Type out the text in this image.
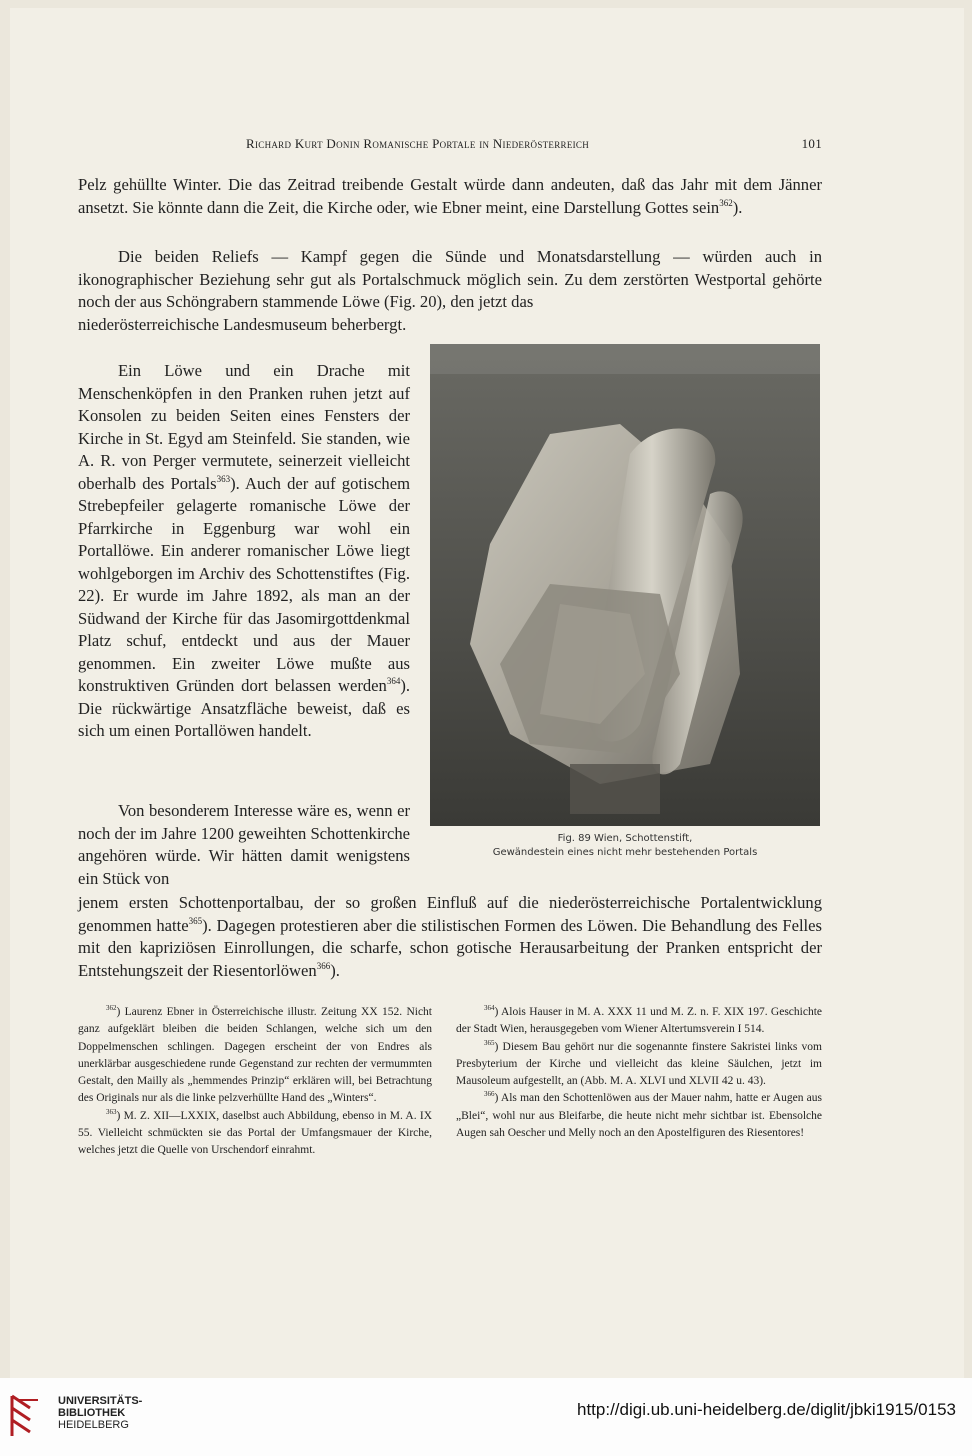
Richard Kurt Donin Romanische Portale in Niederösterreich	101

Pelz gehüllte Winter. Die das Zeitrad treibende Gestalt würde dann andeuten, daß das Jahr mit dem Jänner ansetzt. Sie könnte dann die Zeit, die Kirche oder, wie Ebner meint, eine Darstellung Gottes sein$^{362}$).

Die beiden Reliefs — Kampf gegen die Sünde und Monatsdarstellung — würden auch in ikonographischer Beziehung sehr gut als Portalschmuck möglich sein. Zu dem zerstörten Westportal gehörte noch der aus Schöngrabern stammende Löwe (Fig. 20), den jetzt das

niederösterreichische Landesmuseum beherbergt.

Ein Löwe und ein Drache mit Menschenköpfen in den Pranken ruhen jetzt auf Konsolen zu beiden Seiten eines Fensters der Kirche in St. Egyd am Steinfeld. Sie standen, wie A. R. von Perger vermutete, seinerzeit vielleicht oberhalb des Portals$^{363}$). Auch der auf gotischem Strebepfeiler gelagerte romanische Löwe der Pfarrkirche in Eggenburg war wohl ein Portallöwe. Ein anderer romanischer Löwe liegt wohlgeborgen im Archiv des Schottenstiftes (Fig. 22). Er wurde im Jahre 1892, als man an der Südwand der Kirche für das Jasomirgottdenkmal Platz schuf, entdeckt und aus der Mauer genommen. Ein zweiter Löwe mußte aus konstruktiven Gründen dort belassen werden$^{364}$). Die rückwärtige Ansatzfläche beweist, daß es sich um einen Portallöwen handelt.

Von besonderem Interesse wäre es, wenn er noch der im Jahre 1200 geweihten Schottenkirche angehören würde. Wir hätten damit wenigstens ein Stück von

jenem ersten Schottenportalbau, der so großen Einfluß auf die niederösterreichische Portalentwicklung genommen hatte$^{365}$). Dagegen protestieren aber die stilistischen Formen des Löwen. Die Behandlung des Felles mit den kapriziösen Einrollungen, die scharfe, schon gotische Herausarbeitung der Pranken entspricht der Entstehungszeit der Riesentorlöwen$^{366}$).

Fig. 89 Wien, Schottenstift,
Gewändestein eines nicht mehr bestehenden Portals

$^{362}$) Laurenz Ebner in Österreichische illustr. Zeitung XX 152. Nicht ganz aufgeklärt bleiben die beiden Schlangen, welche sich um den Doppelmenschen schlingen. Dagegen erscheint der von Endres als unerklärbar ausgeschiedene runde Gegenstand zur rechten der vermummten Gestalt, den Mailly als „hemmendes Prinzip“ erklären will, bei Betrachtung des Originals nur als die linke pelzverhüllte Hand des „Winters“.

$^{363}$) M. Z. XII—LXXIX, daselbst auch Abbildung, ebenso in M. A. IX 55. Vielleicht schmückten sie das Portal der Umfangsmauer der Kirche, welches jetzt die Quelle von Urschendorf einrahmt.

$^{364}$) Alois Hauser in M. A. XXX 11 und M. Z. n. F. XIX 197. Geschichte der Stadt Wien, herausgegeben vom Wiener Altertumsverein I 514.

$^{365}$) Diesem Bau gehört nur die sogenannte finstere Sakristei links vom Presbyterium der Kirche und vielleicht das kleine Säulchen, jetzt im Mausoleum aufgestellt, an (Abb. M. A. XLVI und XLVII 42 u. 43).

$^{366}$) Als man den Schottenlöwen aus der Mauer nahm, hatte er Augen aus „Blei“, wohl nur aus Bleifarbe, die heute nicht mehr sichtbar ist. Ebensolche Augen sah Oescher und Melly noch an den Apostelfiguren des Riesentores!

UNIVERSITÄTS-
BIBLIOTHEK
HEIDELBERG
http://digi.ub.uni-heidelberg.de/diglit/jbki1915/0153
